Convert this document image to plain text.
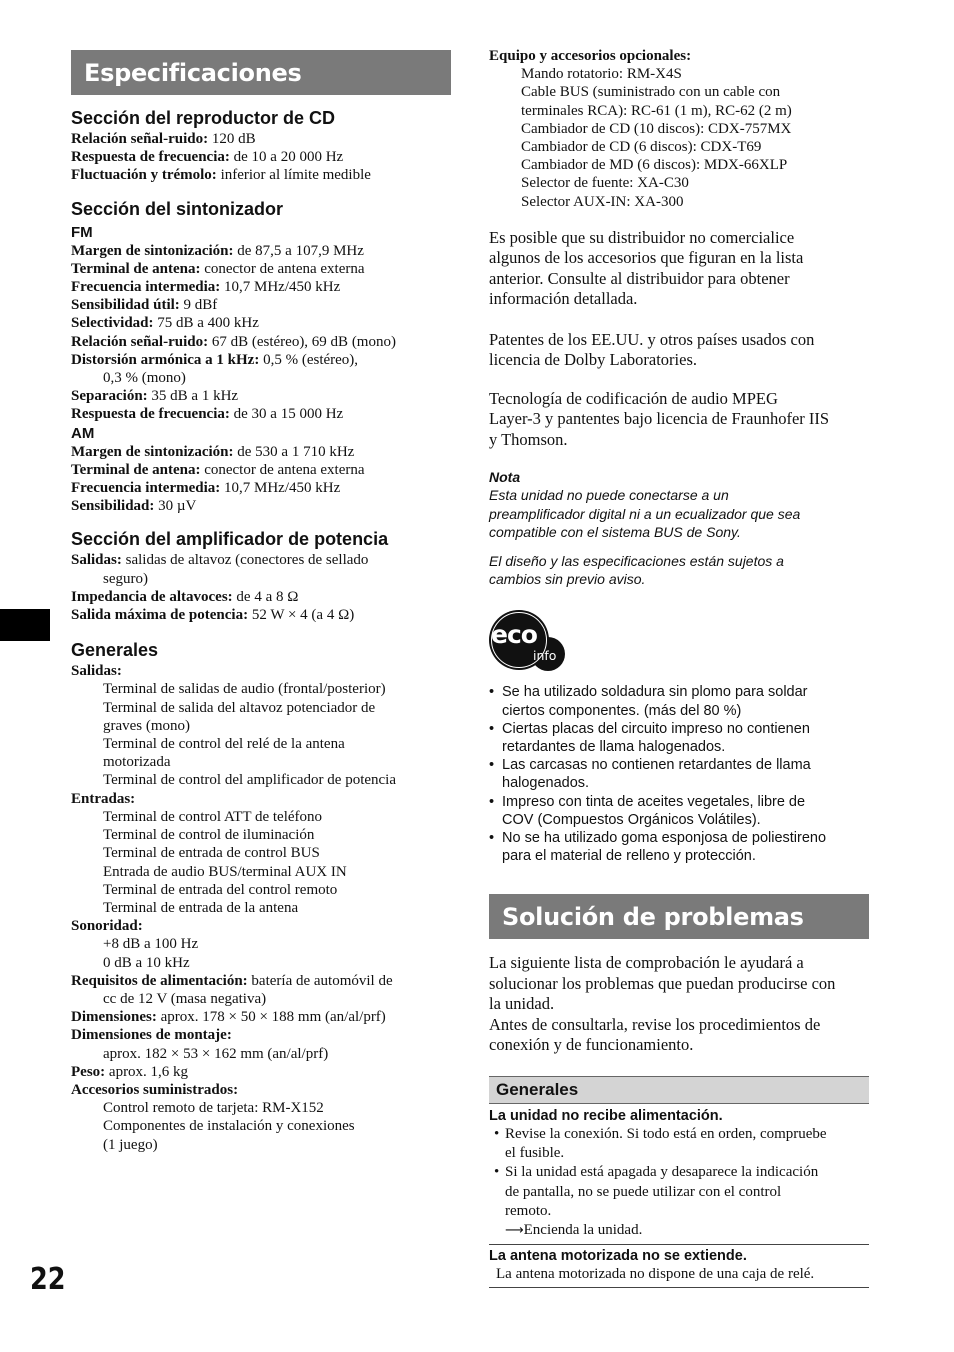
Especificaciones
Sección del reproductor de CD

Relación señal-ruido: 120 dB

Respuesta de frecuencia: de 10 a 20 000 Hz

Fluctuación y trémolo: inferior al límite medible

Sección del sintonizador
FM

Margen de sintonización: de 87,5 a 107,9 MHz

Terminal de antena: conector de antena externa

Frecuencia intermedia: 10,7 MHz/450 kHz

Sensibilidad útil: 9 dBf

Selectividad: 75 dB a 400 kHz

Relación señal-ruido: 67 dB (estéreo), 69 dB (mono)

Distorsión armónica a 1 kHz: 0,5 % (estéreo),

0,3 % (mono)

Separación: 35 dB a 1 kHz

Respuesta de frecuencia: de 30 a 15 000 Hz

AM

Margen de sintonización: de 530 a 1 710 kHz

Terminal de antena: conector de antena externa

Frecuencia intermedia: 10,7 MHz/450 kHz

Sensibilidad: 30 µV

Sección del amplificador de potencia

Salidas: salidas de altavoz (conectores de sellado

seguro)

Impedancia de altavoces: de 4 a 8 Ω

Salida máxima de potencia: 52 W × 4 (a 4 Ω)

Generales

Salidas:

Terminal de salidas de audio (frontal/posterior)

Terminal de salida del altavoz potenciador de

graves (mono)

Terminal de control del relé de la antena

motorizada

Terminal de control del amplificador de potencia

Entradas:

Terminal de control ATT de teléfono

Terminal de control de iluminación

Terminal de entrada de control BUS

Entrada de audio BUS/terminal AUX IN

Terminal de entrada del control remoto

Terminal de entrada de la antena

Sonoridad:

+8 dB a 100 Hz

0 dB a 10 kHz

Requisitos de alimentación: batería de automóvil de

cc de 12 V (masa negativa)

Dimensiones: aprox. 178 × 50 × 188 mm (an/al/prf)

Dimensiones de montaje:

aprox. 182 × 53 × 162 mm (an/al/prf)

Peso: aprox. 1,6 kg

Accesorios suministrados:

Control remoto de tarjeta: RM-X152

Componentes de instalación y conexiones

(1 juego)

Equipo y accesorios opcionales:

Mando rotatorio: RM-X4S

Cable BUS (suministrado con un cable con

terminales RCA): RC-61 (1 m), RC-62 (2 m)

Cambiador de CD (10 discos): CDX-757MX

Cambiador de CD (6 discos): CDX-T69

Cambiador de MD (6 discos): MDX-66XLP

Selector de fuente: XA-C30

Selector AUX-IN: XA-300

Es posible que su distribuidor no comercialice

algunos de los accesorios que figuran en la lista

anterior. Consulte al distribuidor para obtener

información detallada.

Patentes de los EE.UU. y otros países usados con

licencia de Dolby Laboratories.

Tecnología de codificación de audio MPEG

Layer-3 y pantentes bajo licencia de Fraunhofer IIS

y Thomson.

Nota

Esta unidad no puede conectarse a un

preamplificador digital ni a un ecualizador que sea

compatible con el sistema BUS de Sony.

El diseño y las especificaciones están sujetos a

cambios sin previo aviso.

eco
info
• Se ha utilizado soldadura sin plomo para soldar
ciertos componentes. (más del 80 %)
• Ciertas placas del circuito impreso no contienen
retardantes de llama halogenados.
• Las carcasas no contienen retardantes de llama
halogenados.
• Impreso con tinta de aceites vegetales, libre de
COV (Compuestos Orgánicos Volátiles).
• No se ha utilizado goma esponjosa de poliestireno
para el material de relleno y protección.
Solución de problemas

La siguiente lista de comprobación le ayudará a

solucionar los problemas que puedan producirse con

la unidad.

Antes de consultarla, revise los procedimientos de

conexión y de funcionamiento.

Generales

La unidad no recibe alimentación.

• Revise la conexión. Si todo está en orden, compruebe

el fusible.

• Si la unidad está apagada y desaparece la indicación

de pantalla, no se puede utilizar con el control

remoto.

⟶Encienda la unidad.

La antena motorizada no se extiende.

La antena motorizada no dispone de una caja de relé.

22
